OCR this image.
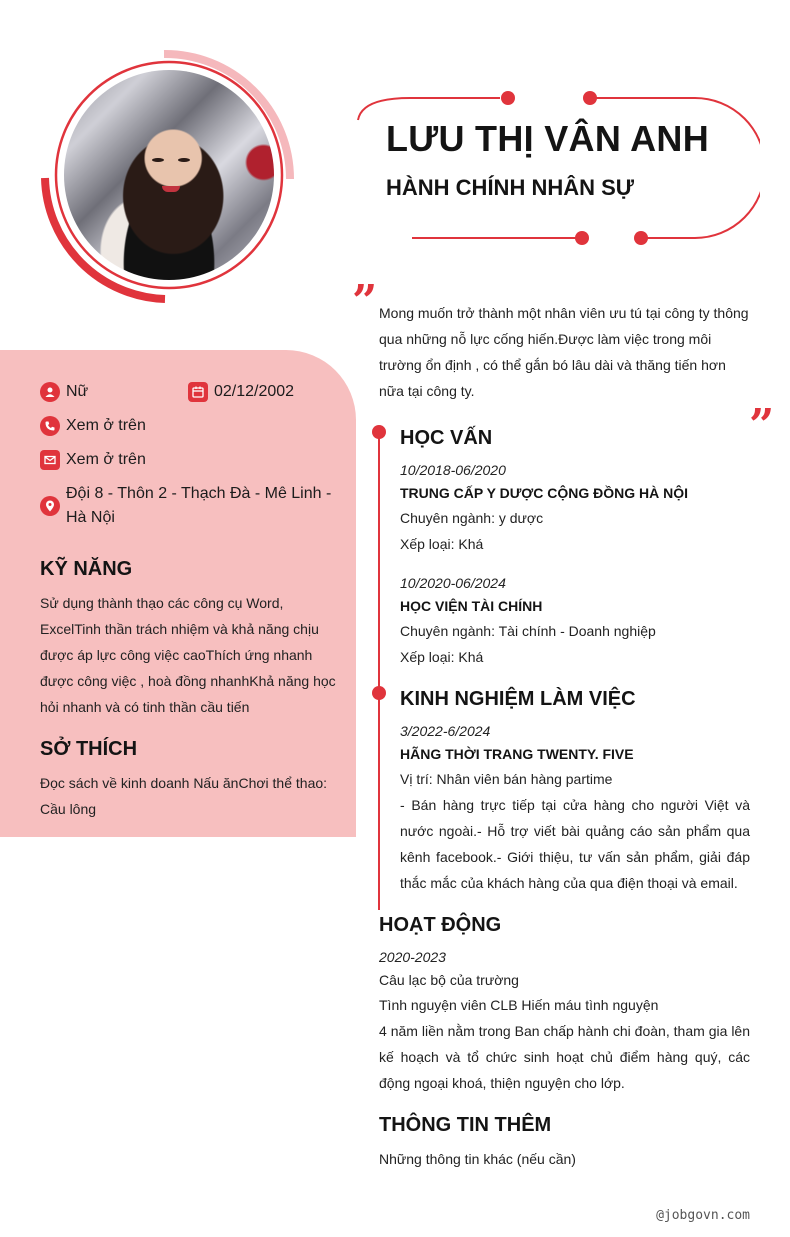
LƯU THỊ VÂN ANH
HÀNH CHÍNH NHÂN SỰ
” Mong muốn trở thành một nhân viên ưu tú tại công ty thông qua những nỗ lực cống hiến.Được làm việc trong môi trường ổn định , có thể gắn bó lâu dài và thăng tiến hơn nữa tại công ty.
”
Nữ	02/12/2002
Xem ở trên
Xem ở trên
Đội 8 - Thôn 2 - Thạch Đà - Mê Linh - Hà Nội
KỸ NĂNG
Sử dụng thành thạo các công cụ Word, ExcelTinh thần trách nhiệm và khả năng chịu được áp lực công việc caoThích ứng nhanh được công việc , hoà đồng nhanhKhả năng học hỏi nhanh và có tinh thần cầu tiến
SỞ THÍCH
Đọc sách về kinh doanh Nấu ănChơi thể thao: Cầu lông
HỌC VẤN
10/2018-06/2020
TRUNG CẤP Y DƯỢC CỘNG ĐỒNG HÀ NỘI
Chuyên ngành: y dược
Xếp loại: Khá
10/2020-06/2024
HỌC VIỆN TÀI CHÍNH
Chuyên ngành: Tài chính - Doanh nghiệp
Xếp loại: Khá
KINH NGHIỆM LÀM VIỆC
3/2022-6/2024
HÃNG THỜI TRANG TWENTY. FIVE
Vị trí: Nhân viên bán hàng partime
- Bán hàng trực tiếp tại cửa hàng cho người Việt và nước ngoài.- Hỗ trợ viết bài quảng cáo sản phẩm qua kênh facebook.- Giới thiệu, tư vấn sản phẩm, giải đáp thắc mắc của khách hàng của qua điện thoại và email.
HOẠT ĐỘNG
2020-2023
Câu lạc bộ của trường
Tình nguyện viên CLB Hiến máu tình nguyện
4 năm liền nằm trong Ban chấp hành chi đoàn, tham gia lên kế hoạch và tổ chức sinh hoạt chủ điểm hàng quý, các động ngoại khoá, thiện nguyện cho lớp.
THÔNG TIN THÊM
Những thông tin khác (nếu cần)
@jobgovn.com
